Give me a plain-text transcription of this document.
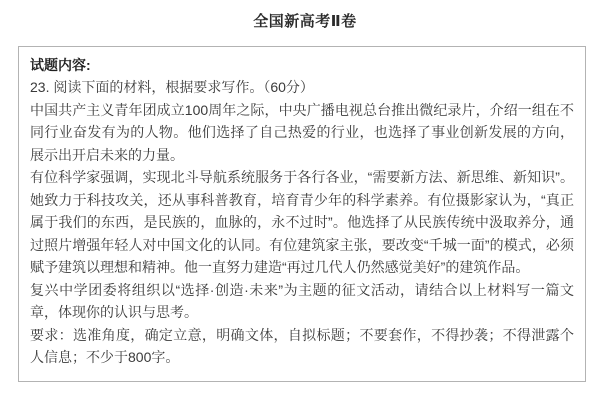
全国新高考Ⅱ卷

试题内容:

23. 阅读下面的材料，根据要求写作。（60分）

中国共产主义青年团成立100周年之际，中央广播电视总台推出微纪录片，介绍一组在不同行业奋发有为的人物。他们选择了自己热爱的行业，也选择了事业创新发展的方向，展示出开启未来的力量。

有位科学家强调，实现北斗导航系统服务于各行各业，“需要新方法、新思维、新知识”。她致力于科技攻关，还从事科普教育，培育青少年的科学素养。有位摄影家认为，“真正属于我们的东西，是民族的，血脉的，永不过时”。他选择了从民族传统中汲取养分，通过照片增强年轻人对中国文化的认同。有位建筑家主张，要改变“千城一面”的模式，必须赋予建筑以理想和精神。他一直努力建造“再过几代人仍然感觉美好”的建筑作品。

复兴中学团委将组织以“选择·创造·未来”为主题的征文活动，请结合以上材料写一篇文章，体现你的认识与思考。

要求：选准角度，确定立意，明确文体，自拟标题；不要套作，不得抄袭；不得泄露个人信息；不少于800字。
